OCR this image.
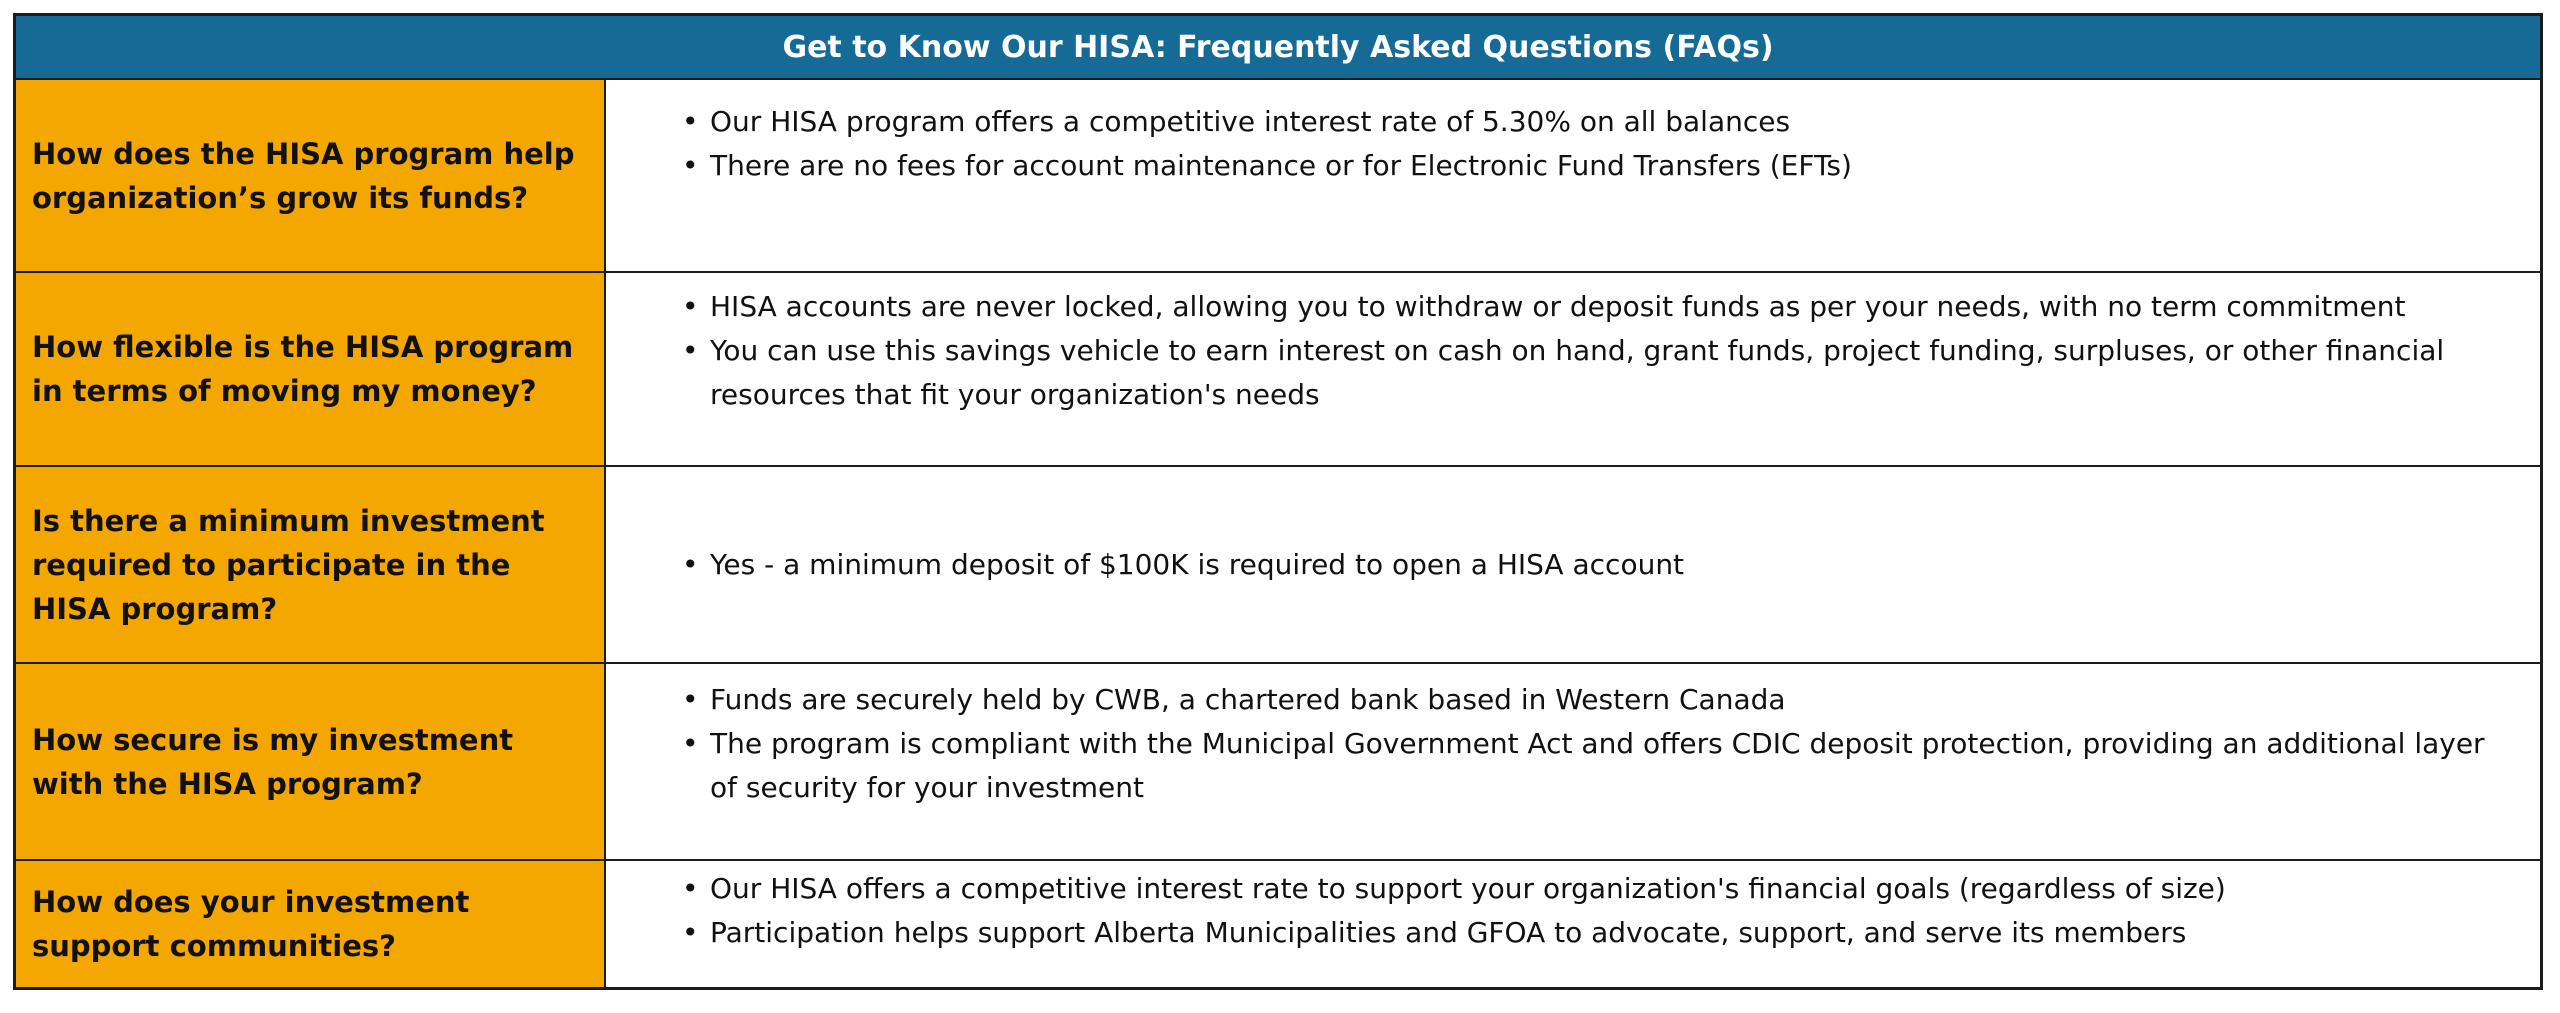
Get to Know Our HISA: Frequently Asked Questions (FAQs)
How does the HISA program help organization’s grow its funds?
• Our HISA program offers a competitive interest rate of 5.30% on all balances
• There are no fees for account maintenance or for Electronic Fund Transfers (EFTs)
How flexible is the HISA program in terms of moving my money?
• HISA accounts are never locked, allowing you to withdraw or deposit funds as per your needs, with no term commitment
• You can use this savings vehicle to earn interest on cash on hand, grant funds, project funding, surpluses, or other financial resources that fit your organization's needs
Is there a minimum investment required to participate in the HISA program?
• Yes - a minimum deposit of $100K is required to open a HISA account
How secure is my investment with the HISA program?
• Funds are securely held by CWB, a chartered bank based in Western Canada
• The program is compliant with the Municipal Government Act and offers CDIC deposit protection, providing an additional layer of security for your investment
How does your investment support communities?
• Our HISA offers a competitive interest rate to support your organization's financial goals (regardless of size)
• Participation helps support Alberta Municipalities and GFOA to advocate, support, and serve its members
